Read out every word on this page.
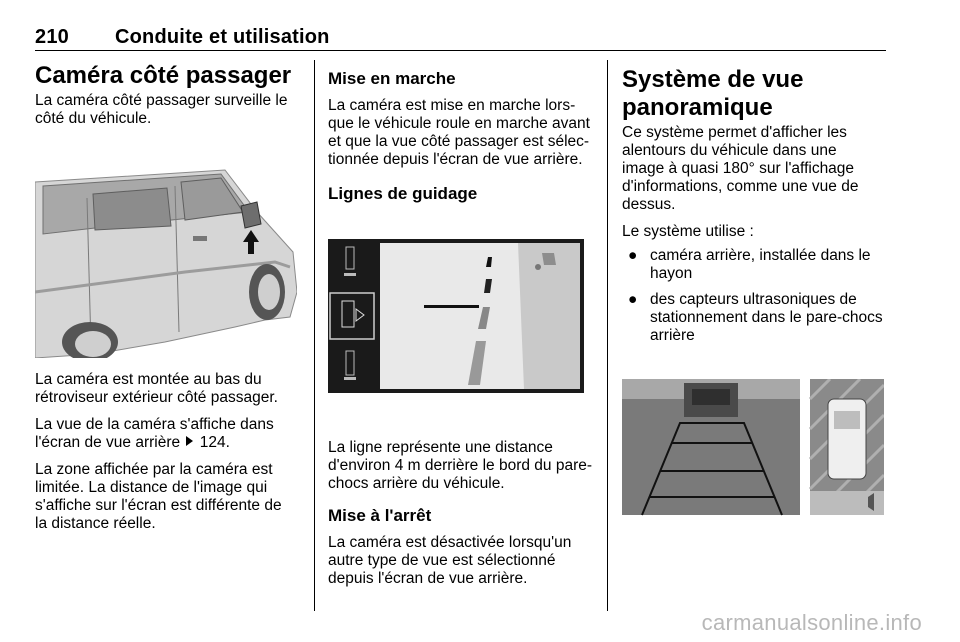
210 Conduite et utilisation
Caméra côté passager

La caméra côté passager surveille le côté du véhicule.

La caméra est montée au bas du rétroviseur extérieur côté passager.

La vue de la caméra s'affiche dans l'écran de vue arrière 124.

La zone affichée par la caméra est limitée. La distance de l'image qui s'affiche sur l'écran est différente de la distance réelle.

Mise en marche

La caméra est mise en marche lors-que le véhicule roule en marche avant et que la vue côté passager est sélec-tionnée depuis l'écran de vue arrière.

Lignes de guidage

La ligne représente une distance d'environ 4 m derrière le bord du pare-chocs arrière du véhicule.

Mise à l'arrêt

La caméra est désactivée lorsqu'un autre type de vue est sélectionné depuis l'écran de vue arrière.

Système de vue panoramique

Ce système permet d'afficher les alentours du véhicule dans une image à quasi 180° sur l'affichage d'informations, comme une vue de dessus.

Le système utilise :

● caméra arrière, installée dans le hayon
● des capteurs ultrasoniques de stationnement dans le pare-chocs arrière
carmanualsonline.info
